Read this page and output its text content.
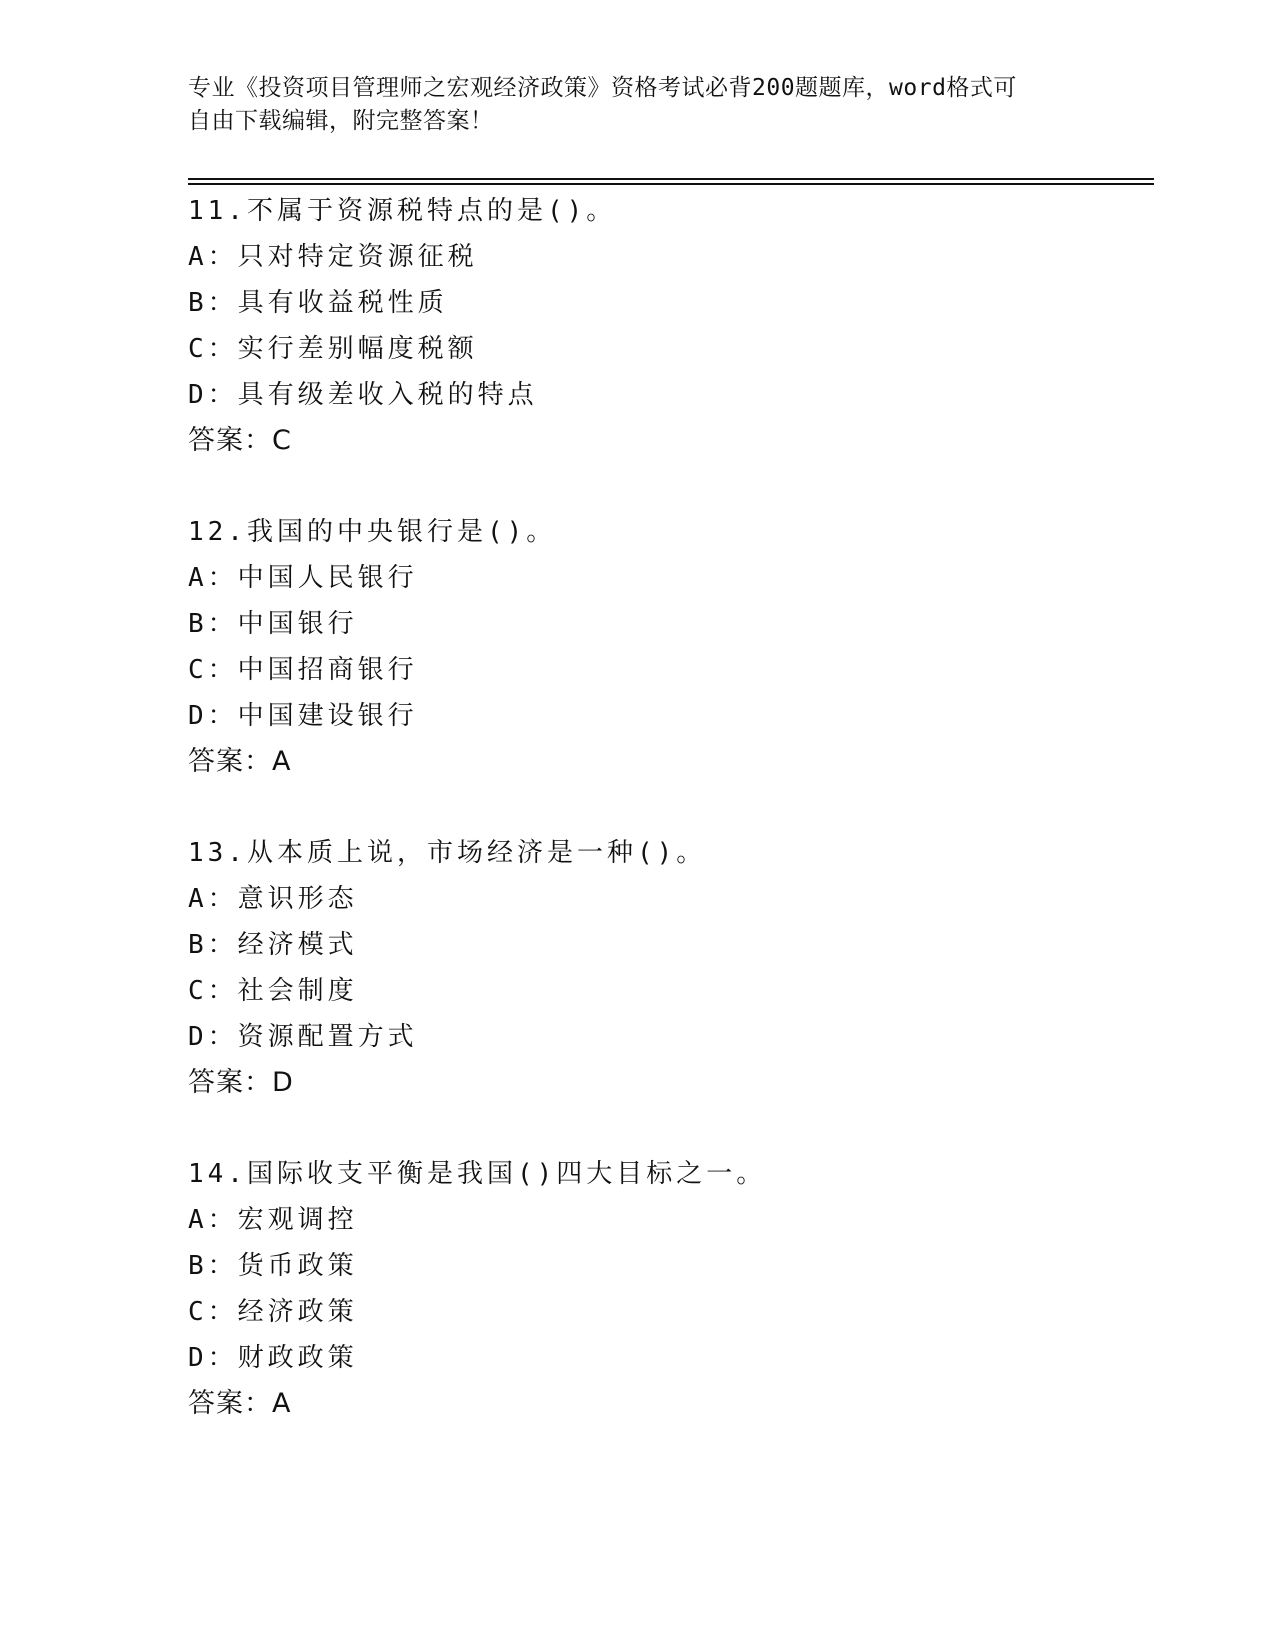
专业《投资项目管理师之宏观经济政策》资格考试必背200题题库，word格式可
自由下载编辑，附完整答案！
11.不属于资源税特点的是()。
A：只对特定资源征税
B：具有收益税性质
C：实行差别幅度税额
D：具有级差收入税的特点
答案：C
12.我国的中央银行是()。
A：中国人民银行
B：中国银行
C：中国招商银行
D：中国建设银行
答案：A
13.从本质上说，市场经济是一种()。
A：意识形态
B：经济模式
C：社会制度
D：资源配置方式
答案：D
14.国际收支平衡是我国()四大目标之一。
A：宏观调控
B：货币政策
C：经济政策
D：财政政策
答案：A
